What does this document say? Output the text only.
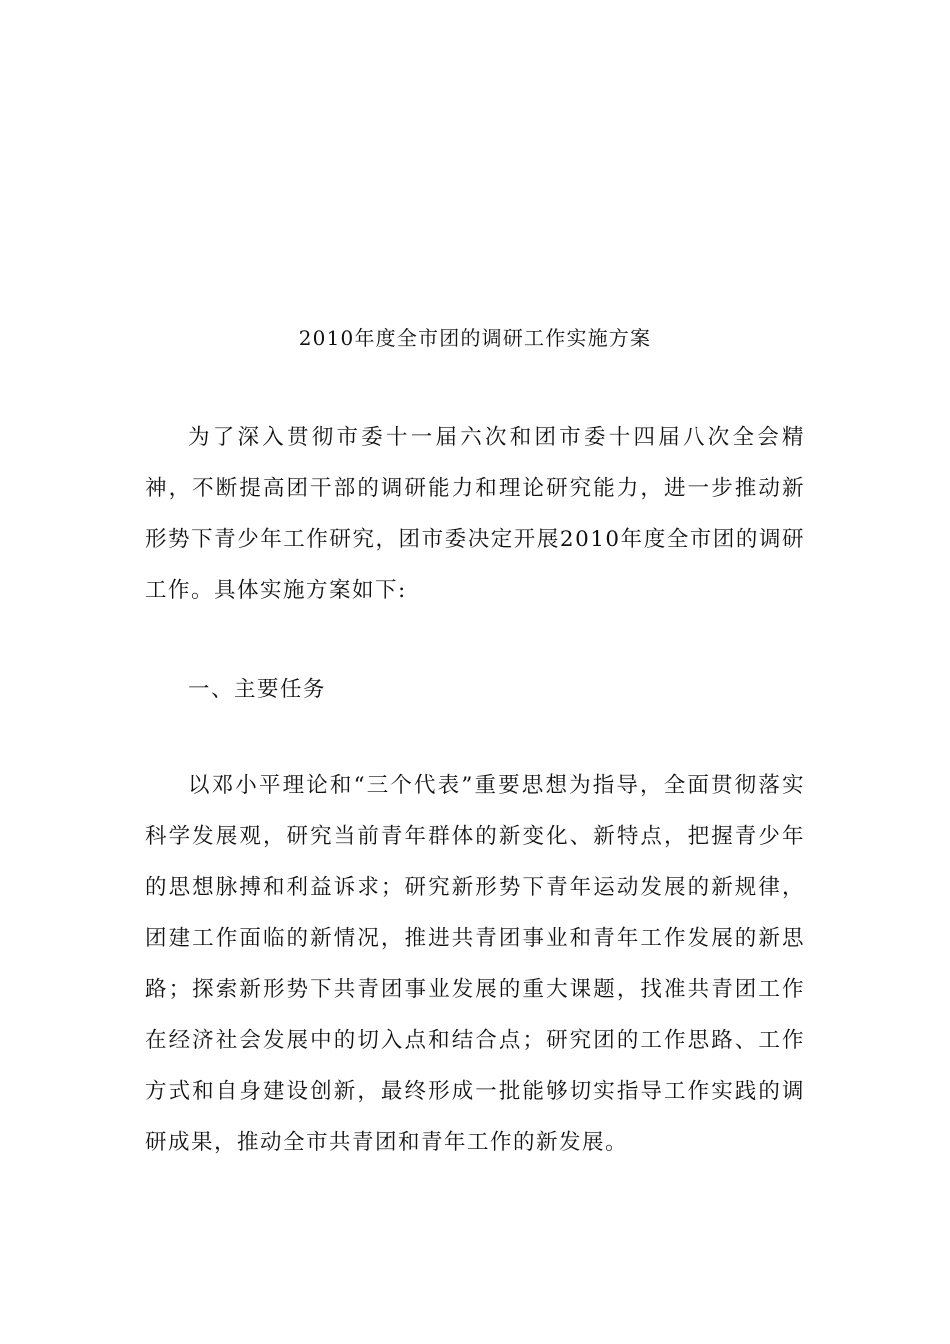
2010年度全市团的调研工作实施方案

为了深入贯彻市委十一届六次和团市委十四届八次全会精神，不断提高团干部的调研能力和理论研究能力，进一步推动新形势下青少年工作研究，团市委决定开展2010年度全市团的调研工作。具体实施方案如下:

一、主要任务

以邓小平理论和“三个代表”重要思想为指导，全面贯彻落实科学发展观，研究当前青年群体的新变化、新特点，把握青少年的思想脉搏和利益诉求；研究新形势下青年运动发展的新规律，团建工作面临的新情况，推进共青团事业和青年工作发展的新思路；探索新形势下共青团事业发展的重大课题，找准共青团工作在经济社会发展中的切入点和结合点；研究团的工作思路、工作方式和自身建设创新，最终形成一批能够切实指导工作实践的调研成果，推动全市共青团和青年工作的新发展。
